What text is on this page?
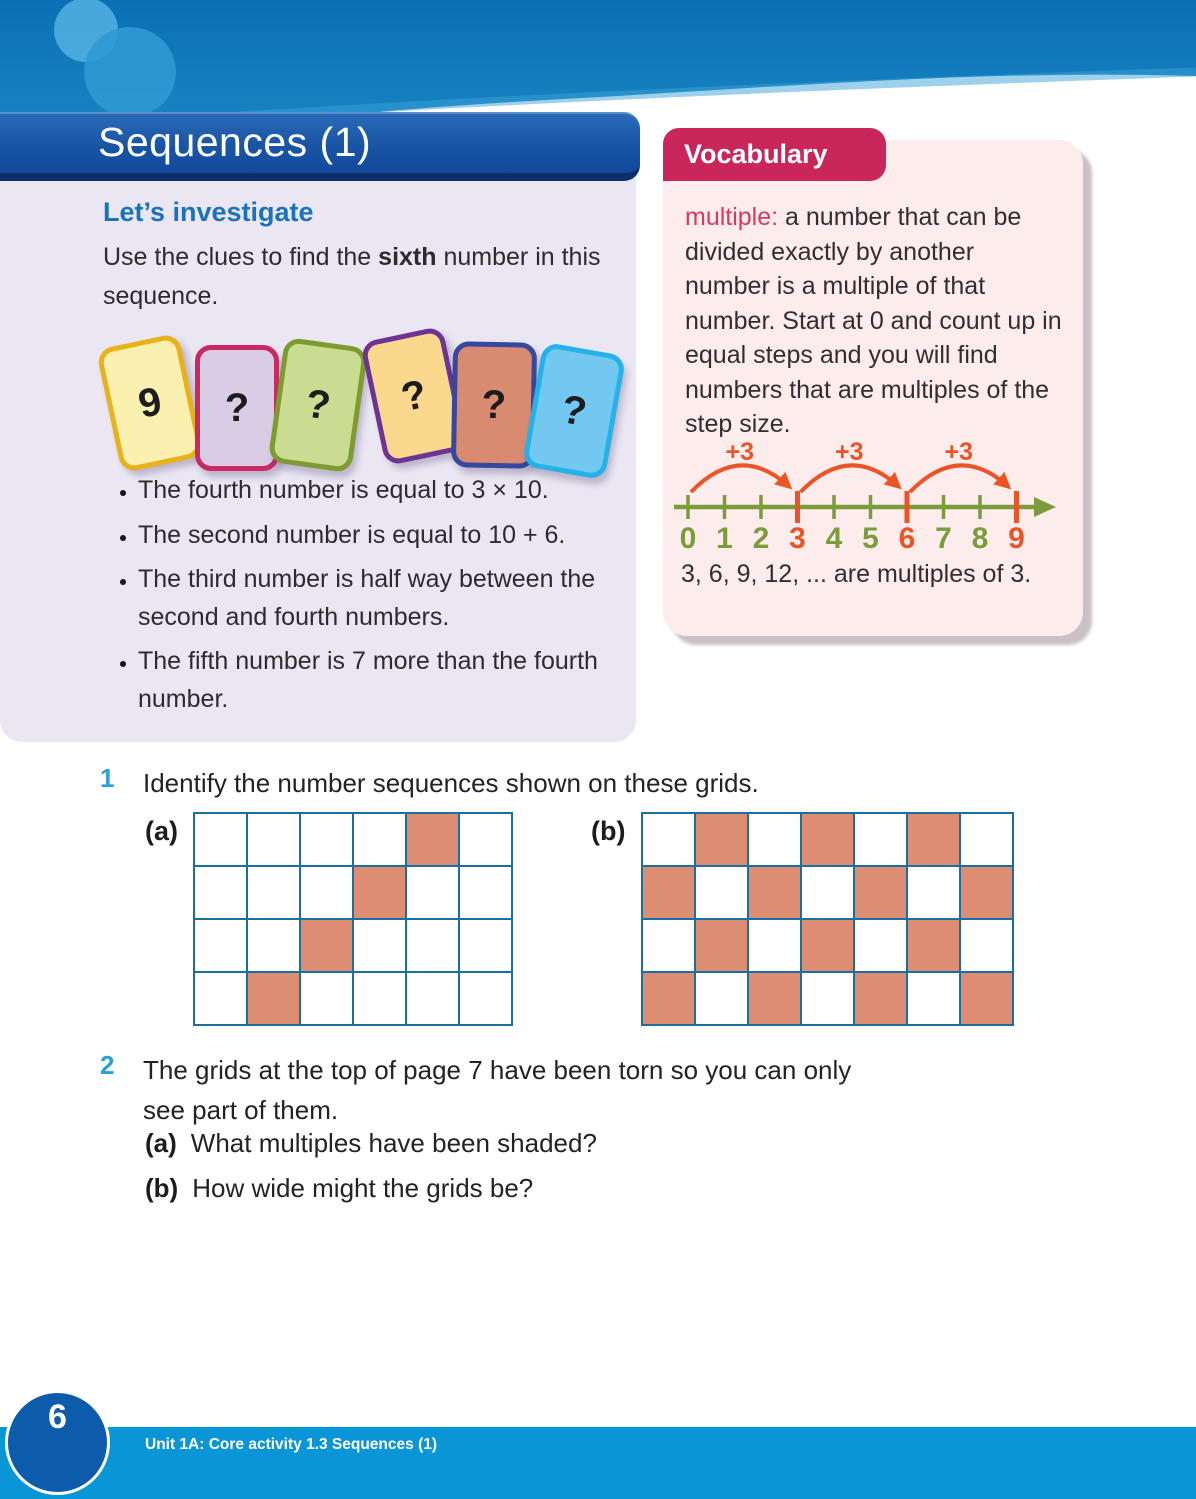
Let’s investigate
Use the clues to find the sixth number in this sequence.
9 ? ? ? ? ?
• The fourth number is equal to 3 × 10.
• The second number is equal to 10 + 6.
• The third number is half way between the second and fourth numbers.
• The fifth number is 7 more than the fourth number.
Sequences (1)
multiple: a number that can be divided exactly by another number is a multiple of that number. Start at 0 and count up in equal steps and you will find numbers that are multiples of the step size.
0 1 2 3 4 5 6 7 8 9
+3	+3	+3
3, 6, 9, 12, ... are multiples of 3.
Vocabulary
1 Identify the number sequences shown on these grids.
(a)	(b)
2 The grids at the top of page 7 have been torn so you can only see part of them.
(a) What multiples have been shaded?
(b) How wide might the grids be?
6
Unit 1A: Core activity 1.3 Sequences (1)
